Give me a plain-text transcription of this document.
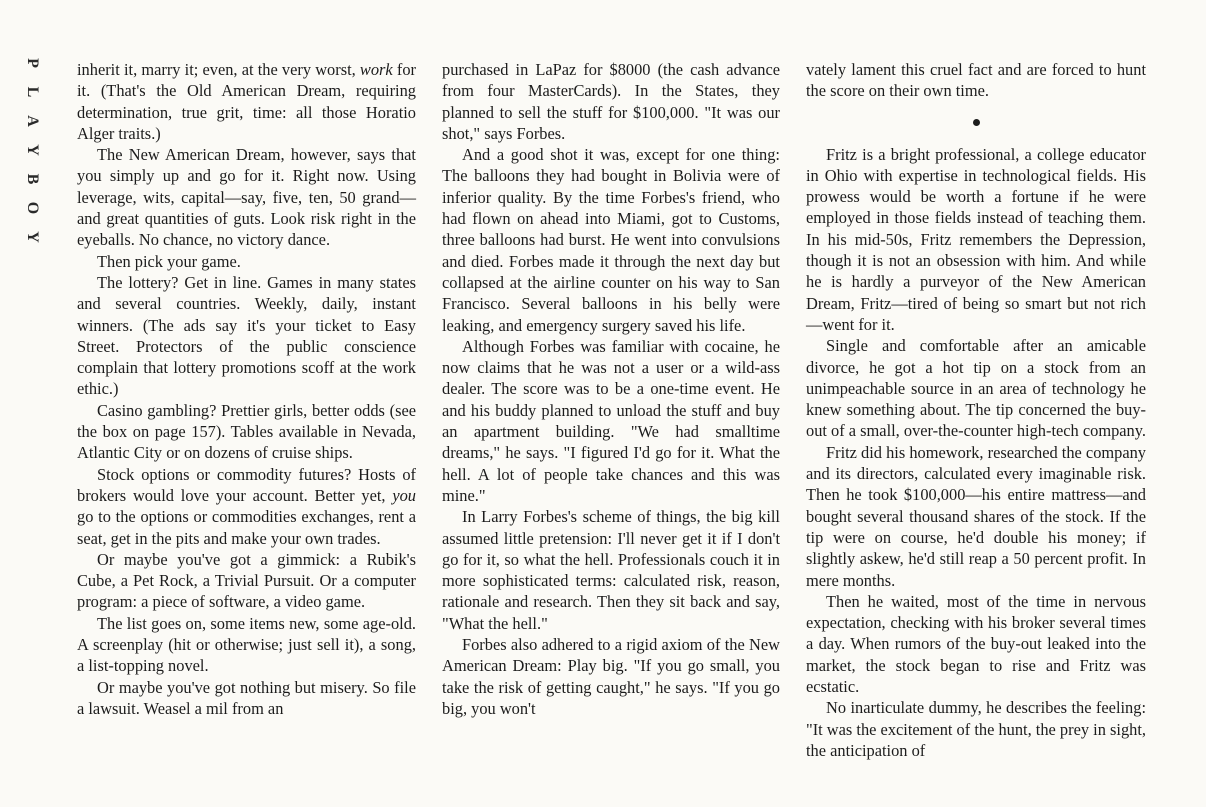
P
L
A
Y
B
O
Y

inherit it, marry it; even, at the very worst, work for it. (That's the Old American Dream, requiring determination, true grit, time: all those Horatio Alger traits.)

The New American Dream, however, says that you simply up and go for it. Right now. Using leverage, wits, capital—say, five, ten, 50 grand—and great quantities of guts. Look risk right in the eyeballs. No chance, no victory dance.

Then pick your game.

The lottery? Get in line. Games in many states and several countries. Weekly, daily, instant winners. (The ads say it's your ticket to Easy Street. Protectors of the public conscience complain that lottery promotions scoff at the work ethic.)

Casino gambling? Prettier girls, better odds (see the box on page 157). Tables available in Nevada, Atlantic City or on dozens of cruise ships.

Stock options or commodity futures? Hosts of brokers would love your account. Better yet, you go to the options or commodities exchanges, rent a seat, get in the pits and make your own trades.

Or maybe you've got a gimmick: a Rubik's Cube, a Pet Rock, a Trivial Pursuit. Or a computer program: a piece of software, a video game.

The list goes on, some items new, some age-old. A screenplay (hit or otherwise; just sell it), a song, a list-topping novel.

Or maybe you've got nothing but misery. So file a lawsuit. Weasel a mil from an

purchased in LaPaz for $8000 (the cash advance from four MasterCards). In the States, they planned to sell the stuff for $100,000. "It was our shot," says Forbes.

And a good shot it was, except for one thing: The balloons they had bought in Bolivia were of inferior quality. By the time Forbes's friend, who had flown on ahead into Miami, got to Customs, three balloons had burst. He went into convulsions and died. Forbes made it through the next day but collapsed at the airline counter on his way to San Francisco. Several balloons in his belly were leaking, and emergency surgery saved his life.

Although Forbes was familiar with cocaine, he now claims that he was not a user or a wild-ass dealer. The score was to be a one-time event. He and his buddy planned to unload the stuff and buy an apartment building. "We had smalltime dreams," he says. "I figured I'd go for it. What the hell. A lot of people take chances and this was mine."

In Larry Forbes's scheme of things, the big kill assumed little pretension: I'll never get it if I don't go for it, so what the hell. Professionals couch it in more sophisticated terms: calculated risk, reason, rationale and research. Then they sit back and say, "What the hell."

Forbes also adhered to a rigid axiom of the New American Dream: Play big. "If you go small, you take the risk of getting caught," he says. "If you go big, you won't

vately lament this cruel fact and are forced to hunt the score on their own time.

Fritz is a bright professional, a college educator in Ohio with expertise in technological fields. His prowess would be worth a fortune if he were employed in those fields instead of teaching them. In his mid-50s, Fritz remembers the Depression, though it is not an obsession with him. And while he is hardly a purveyor of the New American Dream, Fritz—tired of being so smart but not rich—went for it.

Single and comfortable after an amicable divorce, he got a hot tip on a stock from an unimpeachable source in an area of technology he knew something about. The tip concerned the buy-out of a small, over-the-counter high-tech company.

Fritz did his homework, researched the company and its directors, calculated every imaginable risk. Then he took $100,000—his entire mattress—and bought several thousand shares of the stock. If the tip were on course, he'd double his money; if slightly askew, he'd still reap a 50 percent profit. In mere months.

Then he waited, most of the time in nervous expectation, checking with his broker several times a day. When rumors of the buy-out leaked into the market, the stock began to rise and Fritz was ecstatic.

No inarticulate dummy, he describes the feeling: "It was the excitement of the hunt, the prey in sight, the anticipation of
